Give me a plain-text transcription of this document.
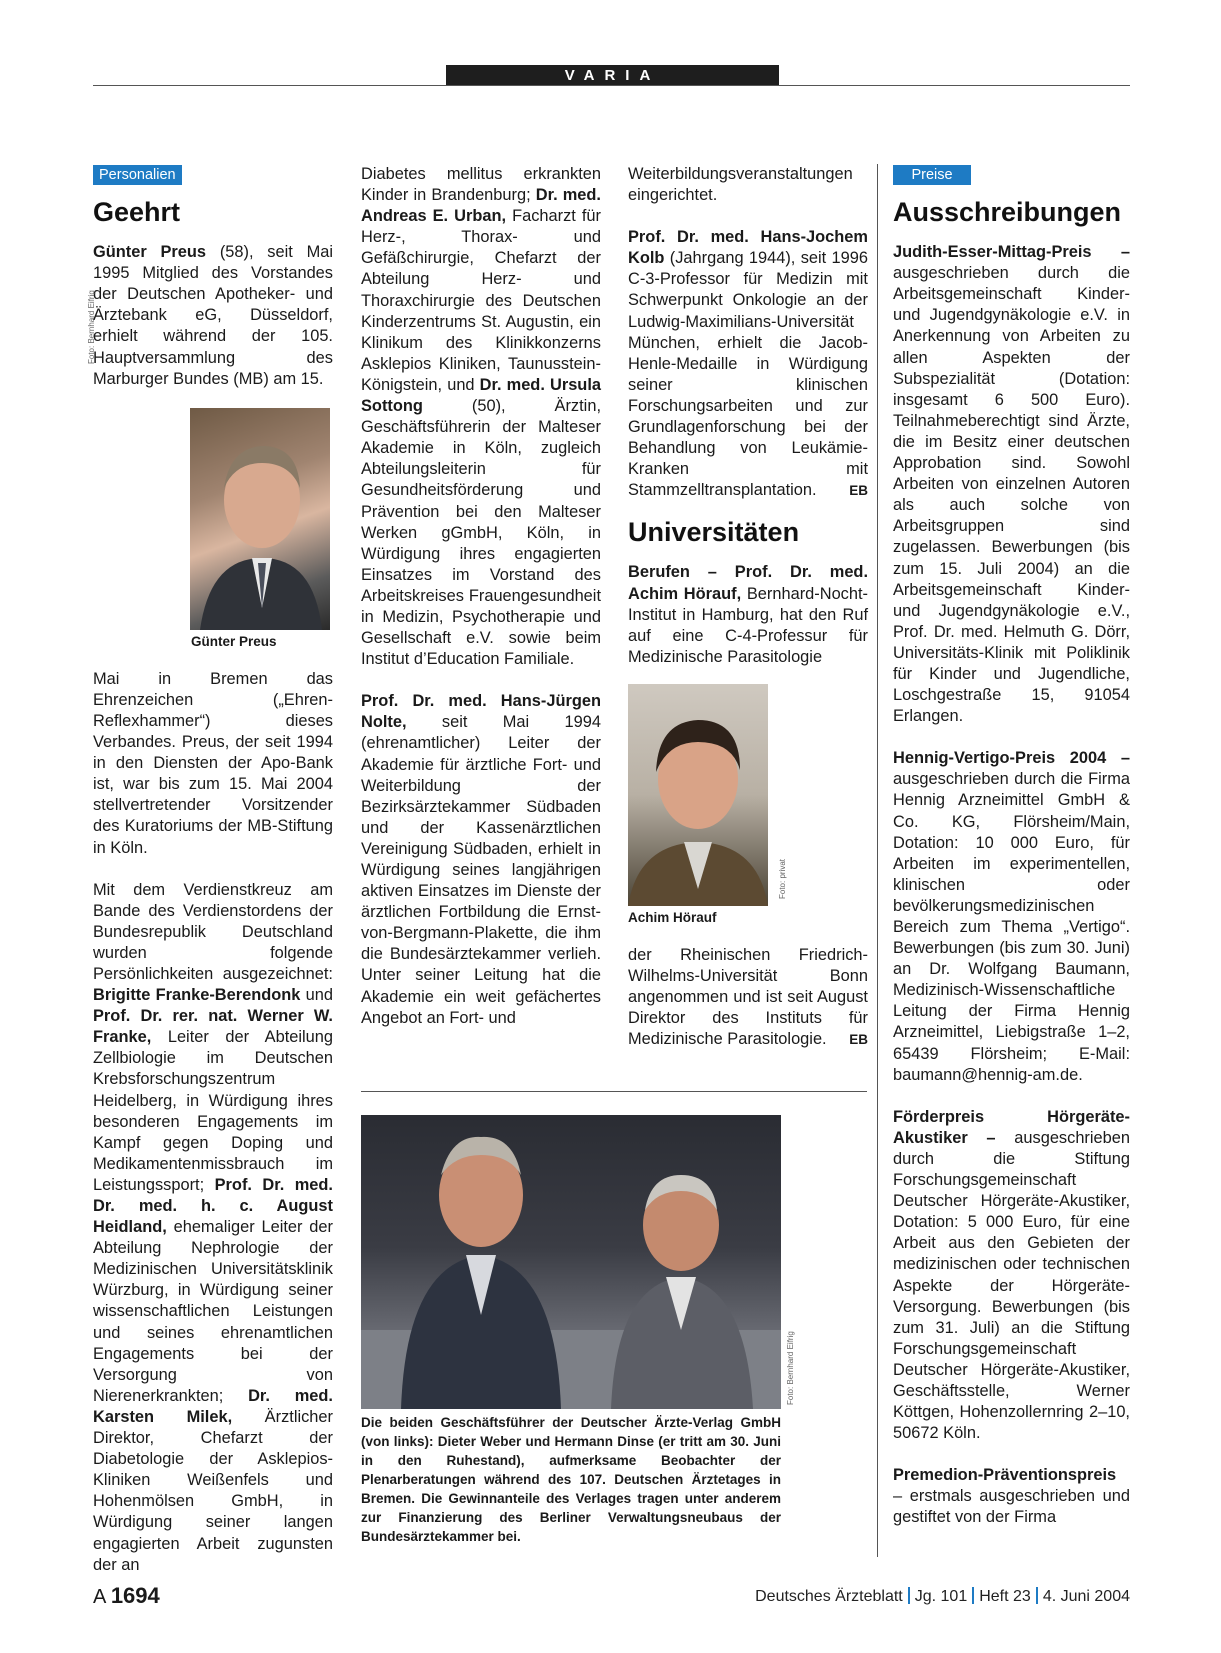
VARIA
Personalien
Geehrt

Günter Preus (58), seit Mai 1995 Mitglied des Vorstandes der Deutschen Apotheker- und Ärztebank eG, Düsseldorf, erhielt während der 105. Hauptversammlung des Marburger Bundes (MB) am 15.

Foto: Bernhard Eifrig
Günter Preus

Mai in Bremen das Ehrenzeichen („Ehren-Reflexhammer“) dieses Verbandes. Preus, der seit 1994 in den Diensten der Apo-Bank ist, war bis zum 15. Mai 2004 stellvertretender Vorsitzender des Kuratoriums der MB-Stiftung in Köln.

Mit dem Verdienstkreuz am Bande des Verdienstordens der Bundesrepublik Deutschland wurden folgende Persönlichkeiten ausgezeichnet: Brigitte Franke-Berendonk und Prof. Dr. rer. nat. Werner W. Franke, Leiter der Abteilung Zellbiologie im Deutschen Krebsforschungszentrum Heidelberg, in Würdigung ihres besonderen Engagements im Kampf gegen Doping und Medikamentenmissbrauch im Leistungssport; Prof. Dr. med. Dr. med. h. c. August Heidland, ehemaliger Leiter der Abteilung Nephrologie der Medizinischen Universitätsklinik Würzburg, in Würdigung seiner wissenschaftlichen Leistungen und seines ehrenamtlichen Engagements bei der Versorgung von Nierenerkrankten; Dr. med. Karsten Milek, Ärztlicher Direktor, Chefarzt der Diabetologie der Asklepios-Kliniken Weißenfels und Hohenmölsen GmbH, in Würdigung seiner langen engagierten Arbeit zugunsten der an

Diabetes mellitus erkrankten Kinder in Brandenburg; Dr. med. Andreas E. Urban, Facharzt für Herz-, Thorax- und Gefäßchirurgie, Chefarzt der Abteilung Herz- und Thoraxchirurgie des Deutschen Kinderzentrums St. Augustin, ein Klinikum des Klinikkonzerns Asklepios Kliniken, Taunusstein-Königstein, und Dr. med. Ursula Sottong (50), Ärztin, Geschäftsführerin der Malteser Akademie in Köln, zugleich Abteilungsleiterin für Gesundheitsförderung und Prävention bei den Malteser Werken gGmbH, Köln, in Würdigung ihres engagierten Einsatzes im Vorstand des Arbeitskreises Frauengesundheit in Medizin, Psychotherapie und Gesellschaft e.V. sowie beim Institut d’Education Familiale.

Prof. Dr. med. Hans-Jürgen Nolte, seit Mai 1994 (ehrenamtlicher) Leiter der Akademie für ärztliche Fort- und Weiterbildung der Bezirksärztekammer Südbaden und der Kassenärztlichen Vereinigung Südbaden, erhielt in Würdigung seines langjährigen aktiven Einsatzes im Dienste der ärztlichen Fortbildung die Ernst-von-Bergmann-Plakette, die ihm die Bundesärztekammer verlieh. Unter seiner Leitung hat die Akademie ein weit gefächertes Angebot an Fort- und

Weiterbildungsveranstaltungen eingerichtet.

Prof. Dr. med. Hans-Jochem Kolb (Jahrgang 1944), seit 1996 C-3-Professor für Medizin mit Schwerpunkt Onkologie an der Ludwig-Maximilians-Universität München, erhielt die Jacob-Henle-Medaille in Würdigung seiner klinischen Forschungsarbeiten und zur Grundlagenforschung bei der Behandlung von Leukämie-Kranken mit Stammzelltransplantation. EB

Universitäten

Berufen – Prof. Dr. med. Achim Hörauf, Bernhard-Nocht-Institut in Hamburg, hat den Ruf auf eine C-4-Professur für Medizinische Parasitologie

Foto: privat
Achim Hörauf

der Rheinischen Friedrich-Wilhelms-Universität Bonn angenommen und ist seit August Direktor des Instituts für Medizinische Parasitologie. EB

Foto: Bernhard Eifrig
Die beiden Geschäftsführer der Deutscher Ärzte-Verlag GmbH (von links): Dieter Weber und Hermann Dinse (er tritt am 30. Juni in den Ruhestand), aufmerksame Beobachter der Plenarberatungen während des 107. Deutschen Ärztetages in Bremen. Die Gewinnanteile des Verlages tragen unter anderem zur Finanzierung des Berliner Verwaltungsneubaus der Bundesärztekammer bei.
Preise
Ausschreibungen

Judith-Esser-Mittag-Preis – ausgeschrieben durch die Arbeitsgemeinschaft Kinder- und Jugendgynäkologie e.V. in Anerkennung von Arbeiten zu allen Aspekten der Subspezialität (Dotation: insgesamt 6 500 Euro). Teilnahmeberechtigt sind Ärzte, die im Besitz einer deutschen Approbation sind. Sowohl Arbeiten von einzelnen Autoren als auch solche von Arbeitsgruppen sind zugelassen. Bewerbungen (bis zum 15. Juli 2004) an die Arbeitsgemeinschaft Kinder- und Jugendgynäkologie e.V., Prof. Dr. med. Helmuth G. Dörr, Universitäts-Klinik mit Poliklinik für Kinder und Jugendliche, Loschgestraße 15, 91054 Erlangen.

Hennig-Vertigo-Preis 2004 – ausgeschrieben durch die Firma Hennig Arzneimittel GmbH & Co. KG, Flörsheim/Main, Dotation: 10 000 Euro, für Arbeiten im experimentellen, klinischen oder bevölkerungsmedizinischen Bereich zum Thema „Vertigo“. Bewerbungen (bis zum 30. Juni) an Dr. Wolfgang Baumann, Medizinisch-Wissenschaftliche Leitung der Firma Hennig Arzneimittel, Liebigstraße 1–2, 65439 Flörsheim; E-Mail: baumann@hennig-am.de.

Förderpreis Hörgeräte-Akustiker – ausgeschrieben durch die Stiftung Forschungsgemeinschaft Deutscher Hörgeräte-Akustiker, Dotation: 5 000 Euro, für eine Arbeit aus den Gebieten der medizinischen oder technischen Aspekte der Hörgeräte-Versorgung. Bewerbungen (bis zum 31. Juli) an die Stiftung Forschungsgemeinschaft Deutscher Hörgeräte-Akustiker, Geschäftsstelle, Werner Köttgen, Hohenzollernring 2–10, 50672 Köln.

Premedion-Präventionspreis
– erstmals ausgeschrieben und gestiftet von der Firma

A 1694	Deutsches Ärzteblatt Jg. 101 Heft 23 4. Juni 2004
